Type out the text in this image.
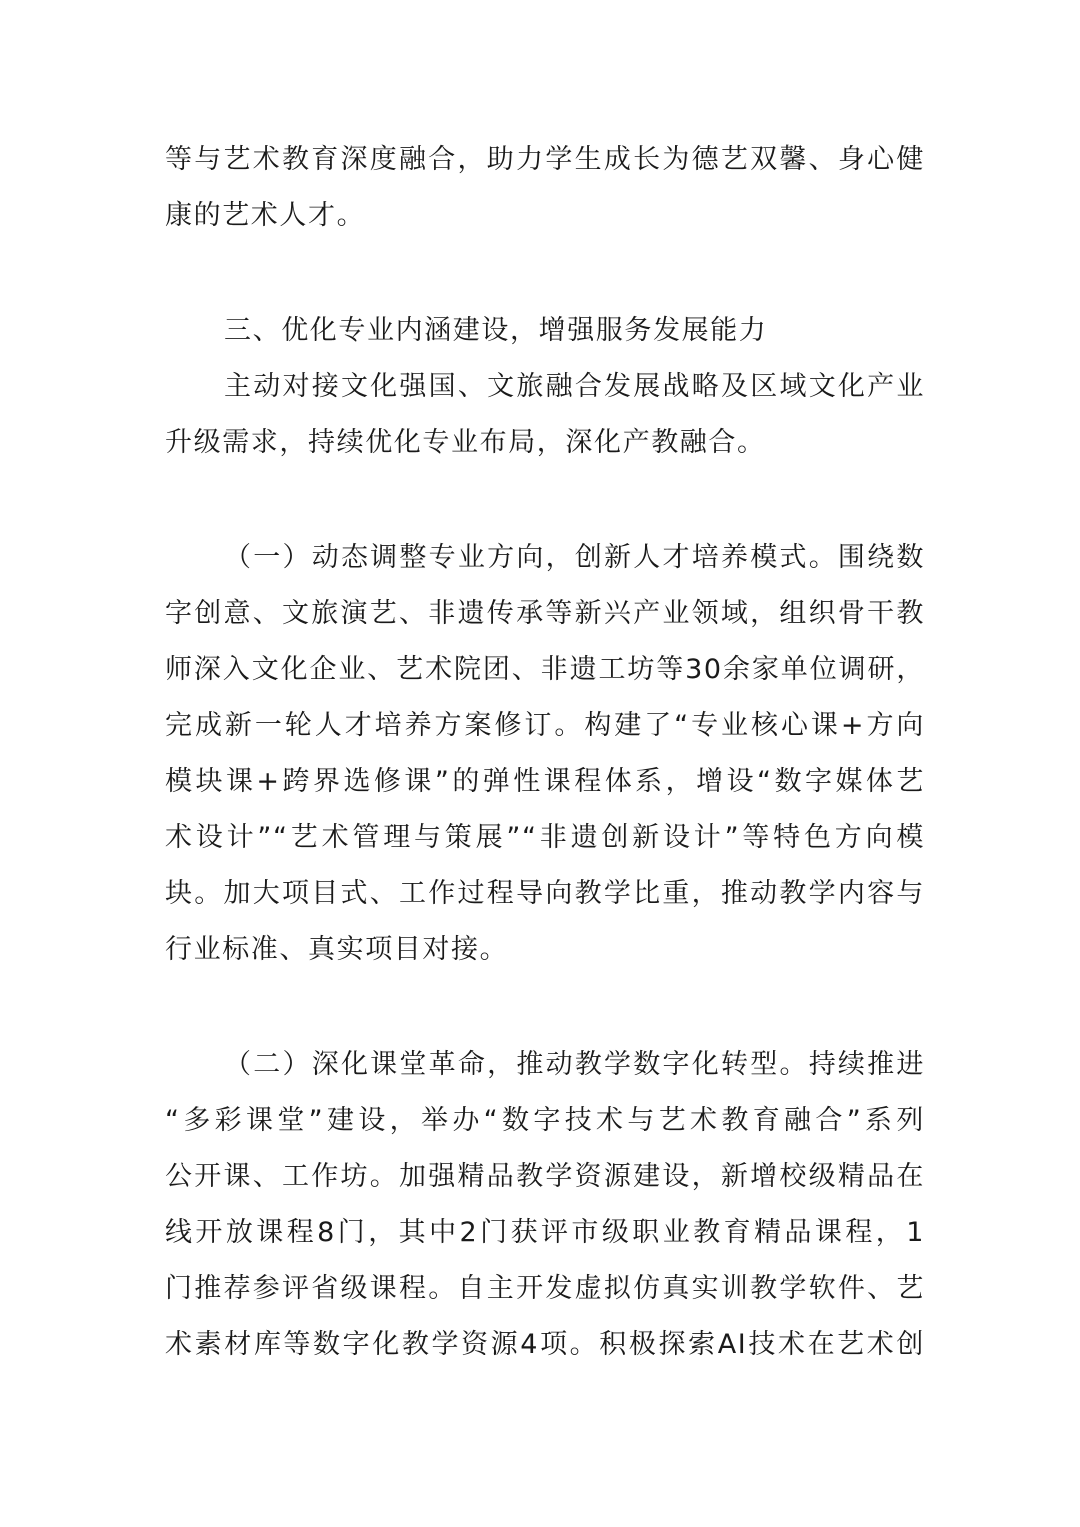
等与艺术教育深度融合，助力学生成长为德艺双馨、身心健
康的艺术人才。
三、优化专业内涵建设，增强服务发展能力
主动对接文化强国、文旅融合发展战略及区域文化产业
升级需求，持续优化专业布局，深化产教融合。
（一）动态调整专业方向，创新人才培养模式。围绕数
字创意、文旅演艺、非遗传承等新兴产业领域，组织骨干教
师深入文化企业、艺术院团、非遗工坊等30余家单位调研，
完成新一轮人才培养方案修订。构建了“专业核心课+方向
模块课+跨界选修课”的弹性课程体系，增设“数字媒体艺
术设计”“艺术管理与策展”“非遗创新设计”等特色方向模
块。加大项目式、工作过程导向教学比重，推动教学内容与
行业标准、真实项目对接。
（二）深化课堂革命，推动教学数字化转型。持续推进
“多彩课堂”建设，举办“数字技术与艺术教育融合”系列
公开课、工作坊。加强精品教学资源建设，新增校级精品在
线开放课程8门，其中2门获评市级职业教育精品课程，1
门推荐参评省级课程。自主开发虚拟仿真实训教学软件、艺
术素材库等数字化教学资源4项。积极探索AI技术在艺术创
